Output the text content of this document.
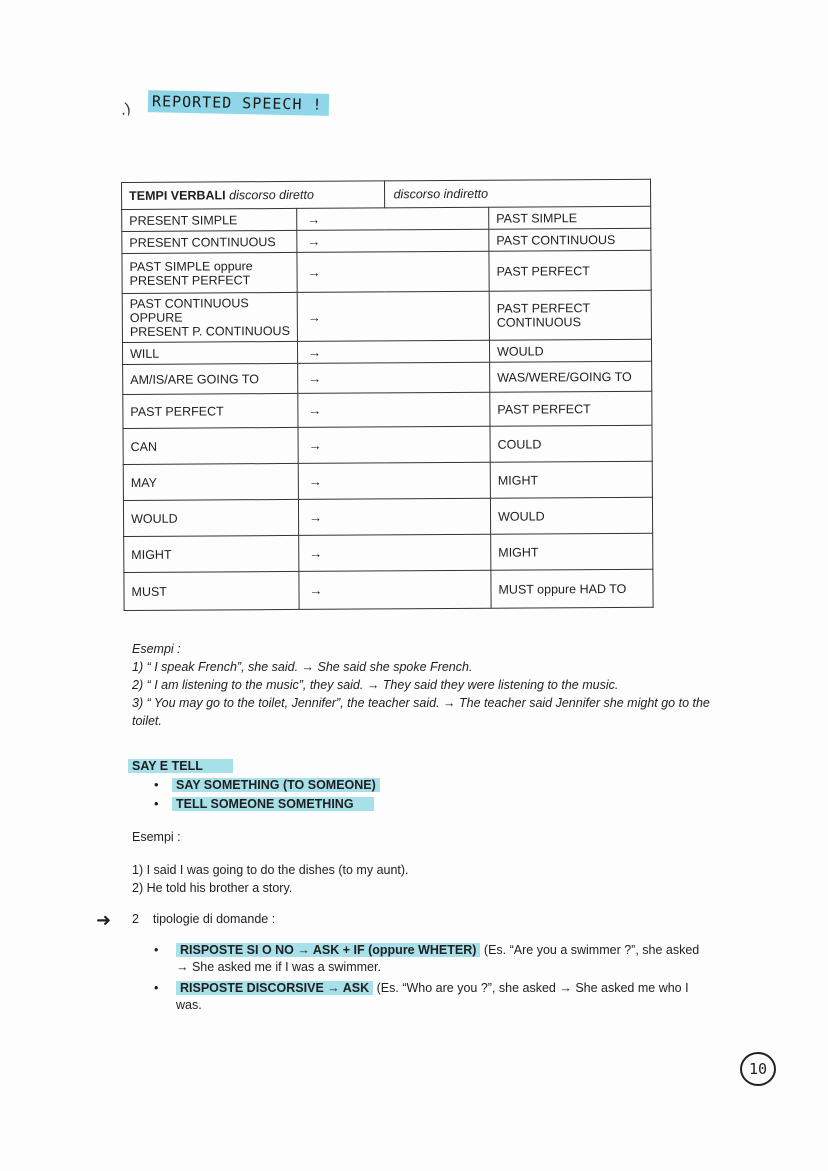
.) REPORTED SPEECH !
TEMPI VERBALI discorso diretto		discorso indiretto	
PRESENT SIMPLE	→		PAST SIMPLE
PRESENT CONTINUOUS	→		PAST CONTINUOUS
PAST SIMPLE oppure
PRESENT PERFECT	→		PAST PERFECT
PAST CONTINUOUS OPPURE
PRESENT P. CONTINUOUS	→		PAST PERFECT CONTINUOUS
WILL	→		WOULD
AM/IS/ARE GOING TO	→		WAS/WERE/GOING TO
PAST PERFECT	→		PAST PERFECT
CAN	→		COULD
MAY	→		MIGHT
WOULD	→		WOULD
MIGHT	→		MIGHT
MUST	→		MUST oppure HAD TO

Esempi :

1) “ I speak French”, she said. → She said she spoke French.

2) “ I am listening to the music”, they said. → They said they were listening to the music.

3) “ You may go to the toilet, Jennifer”, the teacher said. → The teacher said Jennifer she might go to the toilet.

SAY E TELL
• SAY SOMETHING (TO SOMEONE)
• TELL SOMEONE SOMETHING
Esempi :

1) I said I was going to do the dishes (to my aunt).

2) He told his brother a story.

➜ 2 tipologie di domande :
• RISPOSTE SI O NO → ASK + IF (oppure WHETER) (Es. “Are you a swimmer ?”, she asked → She asked me if I was a swimmer.
• RISPOSTE DISCORSIVE → ASK (Es. “Who are you ?”, she asked → She asked me who I was.
10
